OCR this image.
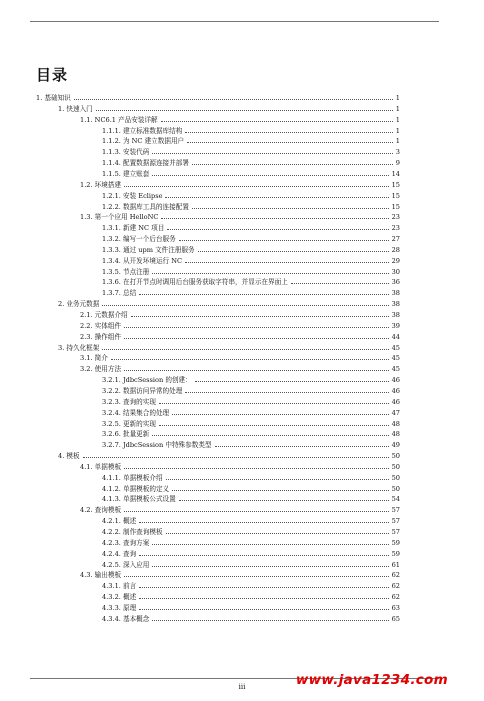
目录
1. 基础知识	1
1. 快速入门	1
1.1. NC6.1 产品安装详解	1
1.1.1. 建立标准数据库结构	1
1.1.2. 为 NC 建立数据用户	1
1.1.3. 安装代码	3
1.1.4. 配置数据源连接并部署	9
1.1.5. 建立账套	14
1.2. 环境搭建	15
1.2.1. 安装 Eclipse	15
1.2.2. 数据库工具的连接配置	15
1.3. 第一个应用 HelloNC	23
1.3.1. 新建 NC 项目	23
1.3.2. 编写一个后台服务	27
1.3.3. 通过 upm 文件注册服务	28
1.3.4. 从开发环境运行 NC	29
1.3.5. 节点注册	30
1.3.6. 在打开节点时调用后台服务获取字符串，并显示在界面上	36
1.3.7. 总结	38
2. 业务元数据	38
2.1. 元数据介绍	38
2.2. 实体组件	39
2.3. 操作组件	44
3. 持久化框架	45
3.1. 简介	45
3.2. 使用方法	45
3.2.1. JdbcSession 的创建：	46
3.2.2. 数据访问异常的处理	46
3.2.3. 查询的实现	46
3.2.4. 结果集合的处理	47
3.2.5. 更新的实现	48
3.2.6. 批量更新	48
3.2.7. JdbcSession 中特殊参数类型	49
4. 模板	50
4.1. 单据模板	50
4.1.1. 单据模板介绍	50
4.1.2. 单据模板的定义	50
4.1.3. 单据模板公式设置	54
4.2. 查询模板	57
4.2.1. 概述	57
4.2.2. 制作查询模板	57
4.2.3. 查询方案	59
4.2.4. 查询	59
4.2.5. 深入应用	61
4.3. 输出模板	62
4.3.1. 前言	62
4.3.2. 概述	62
4.3.3. 原理	63
4.3.4. 基本概念	65
iii	www.java1234.com
